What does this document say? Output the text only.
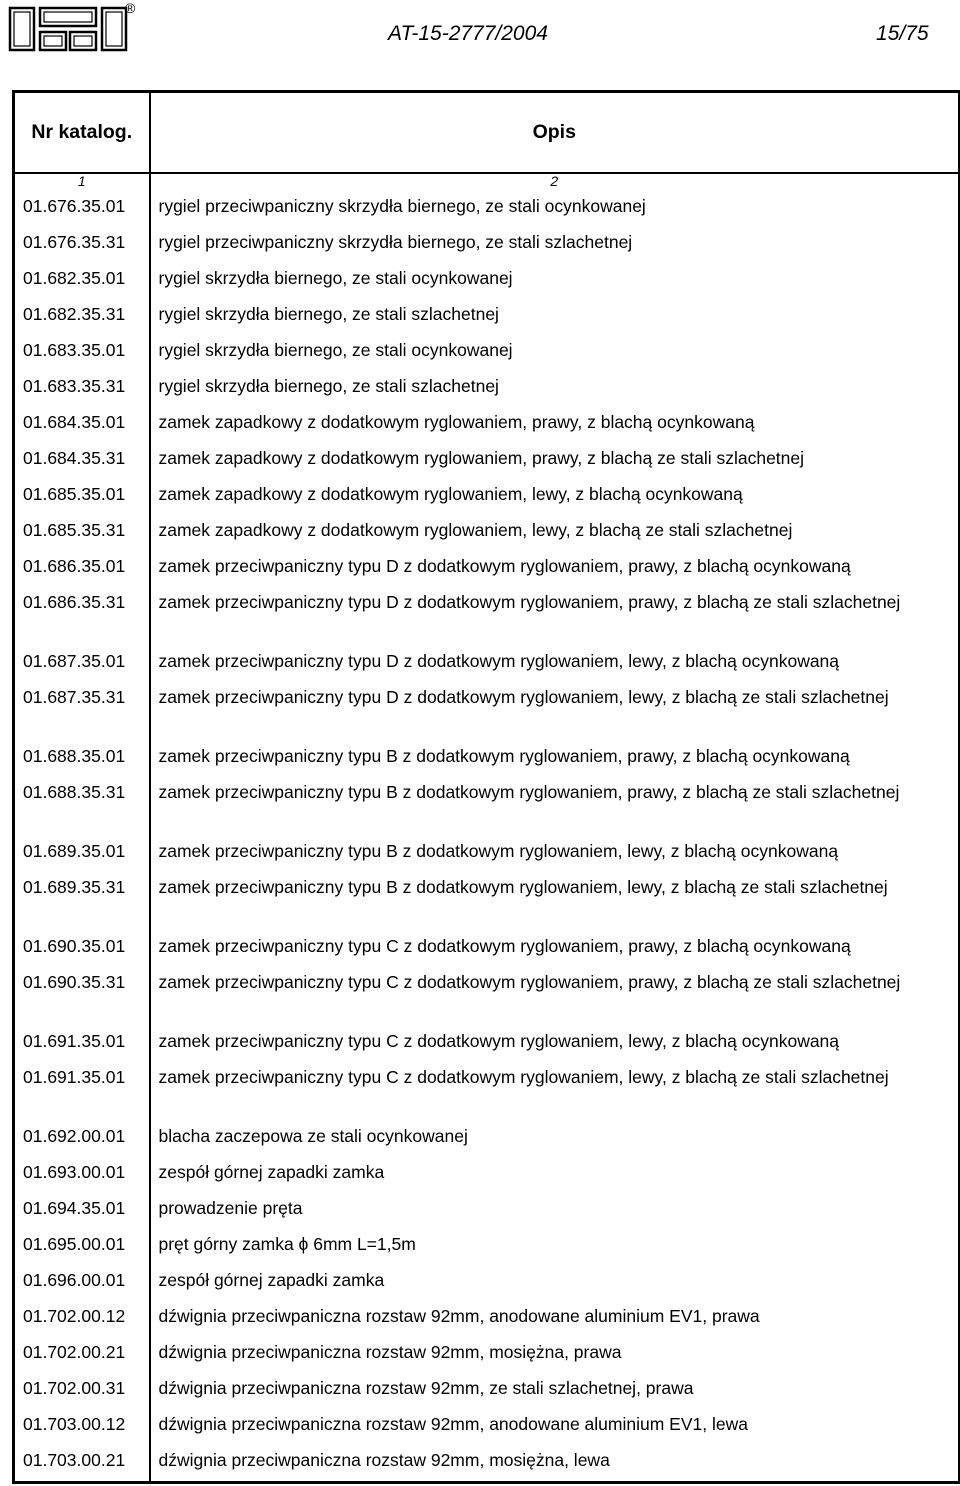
®
AT-15-2777/2004	15/75
Nr katalog.	Opis
1	2
01.676.35.01	rygiel przeciwpaniczny skrzydła biernego, ze stali ocynkowanej
01.676.35.31	rygiel przeciwpaniczny skrzydła biernego, ze stali szlachetnej
01.682.35.01	rygiel skrzydła biernego, ze stali ocynkowanej
01.682.35.31	rygiel skrzydła biernego, ze stali szlachetnej
01.683.35.01	rygiel skrzydła biernego, ze stali ocynkowanej
01.683.35.31	rygiel skrzydła biernego, ze stali szlachetnej
01.684.35.01	zamek zapadkowy z dodatkowym ryglowaniem, prawy, z blachą ocynkowaną
01.684.35.31	zamek zapadkowy z dodatkowym ryglowaniem, prawy, z blachą ze stali szlachetnej
01.685.35.01	zamek zapadkowy z dodatkowym ryglowaniem, lewy, z blachą ocynkowaną
01.685.35.31	zamek zapadkowy z dodatkowym ryglowaniem, lewy, z blachą ze stali szlachetnej
01.686.35.01	zamek przeciwpaniczny typu D z dodatkowym ryglowaniem, prawy, z blachą ocynkowaną
01.686.35.31	zamek przeciwpaniczny typu D z dodatkowym ryglowaniem, prawy, z blachą ze stali szlachetnej
01.687.35.01	zamek przeciwpaniczny typu D z dodatkowym ryglowaniem, lewy, z blachą ocynkowaną
01.687.35.31	zamek przeciwpaniczny typu D z dodatkowym ryglowaniem, lewy, z blachą ze stali szlachetnej
01.688.35.01	zamek przeciwpaniczny typu B z dodatkowym ryglowaniem, prawy, z blachą ocynkowaną
01.688.35.31	zamek przeciwpaniczny typu B z dodatkowym ryglowaniem, prawy, z blachą ze stali szlachetnej
01.689.35.01	zamek przeciwpaniczny typu B z dodatkowym ryglowaniem, lewy, z blachą ocynkowaną
01.689.35.31	zamek przeciwpaniczny typu B z dodatkowym ryglowaniem, lewy, z blachą ze stali szlachetnej
01.690.35.01	zamek przeciwpaniczny typu C z dodatkowym ryglowaniem, prawy, z blachą ocynkowaną
01.690.35.31	zamek przeciwpaniczny typu C z dodatkowym ryglowaniem, prawy, z blachą ze stali szlachetnej
01.691.35.01	zamek przeciwpaniczny typu C z dodatkowym ryglowaniem, lewy, z blachą ocynkowaną
01.691.35.01	zamek przeciwpaniczny typu C z dodatkowym ryglowaniem, lewy, z blachą ze stali szlachetnej
01.692.00.01	blacha zaczepowa ze stali ocynkowanej
01.693.00.01	zespół górnej zapadki zamka
01.694.35.01	prowadzenie pręta
01.695.00.01	pręt górny zamka ϕ 6mm L=1,5m
01.696.00.01	zespół górnej zapadki zamka
01.702.00.12	dźwignia przeciwpaniczna rozstaw 92mm, anodowane aluminium EV1, prawa
01.702.00.21	dźwignia przeciwpaniczna rozstaw 92mm, mosiężna, prawa
01.702.00.31	dźwignia przeciwpaniczna rozstaw 92mm, ze stali szlachetnej, prawa
01.703.00.12	dźwignia przeciwpaniczna rozstaw 92mm, anodowane aluminium EV1, lewa
01.703.00.21	dźwignia przeciwpaniczna rozstaw 92mm, mosiężna, lewa
